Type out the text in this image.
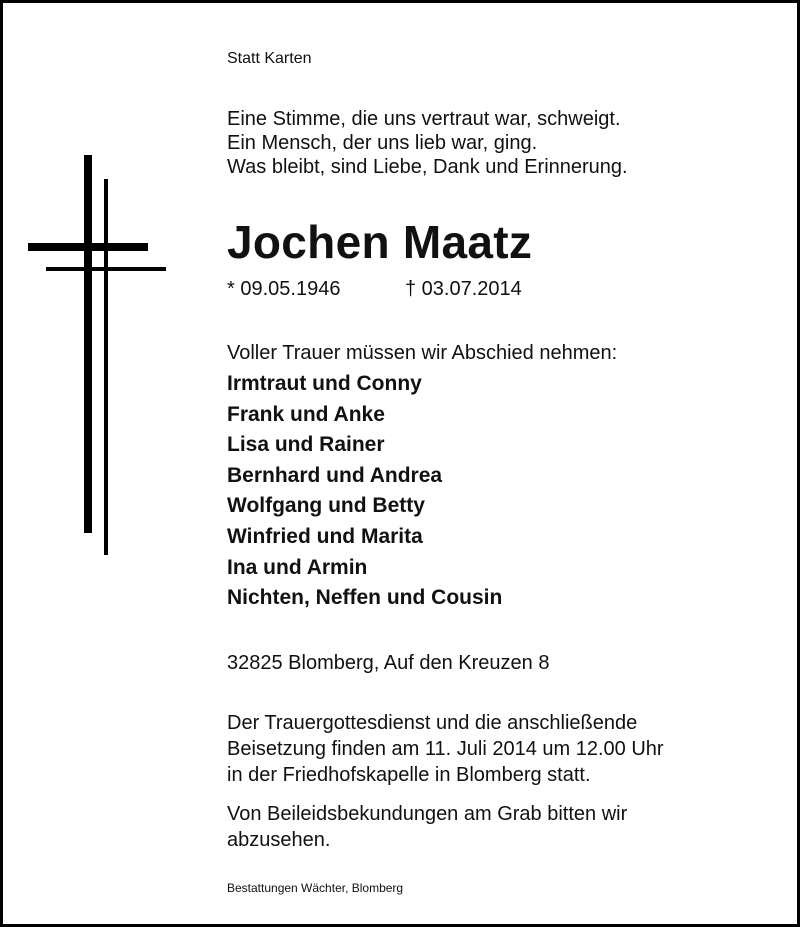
Statt Karten

Eine Stimme, die uns vertraut war, schweigt.

Ein Mensch, der uns lieb war, ging.

Was bleibt, sind Liebe, Dank und Erinnerung.

Jochen Maatz
* 09.05.1946	† 03.07.2014

Voller Trauer müssen wir Abschied nehmen:

Irmtraut und Conny

Frank und Anke

Lisa und Rainer

Bernhard und Andrea

Wolfgang und Betty

Winfried und Marita

Ina und Armin

Nichten, Neffen und Cousin

32825 Blomberg, Auf den Kreuzen 8

Der Trauergottesdienst und die anschließende

Beisetzung finden am 11. Juli 2014 um 12.00 Uhr

in der Friedhofskapelle in Blomberg statt.

Von Beileidsbekundungen am Grab bitten wir

abzusehen.

Bestattungen Wächter, Blomberg
